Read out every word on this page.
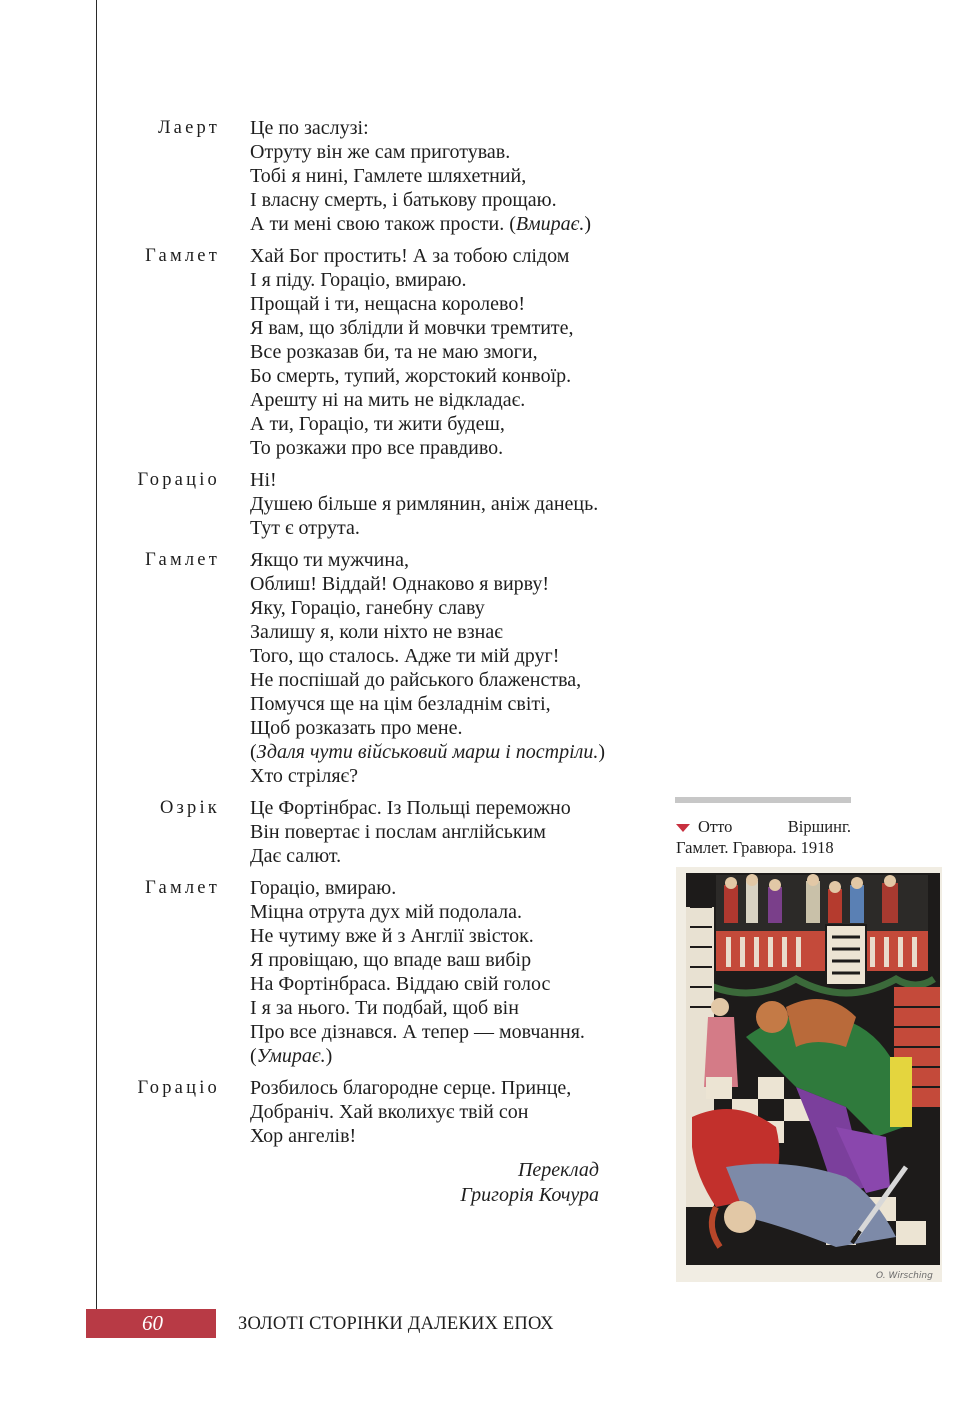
Лаерт Це по заслузі:
Отруту він же сам приготував.
Тобі я нині, Гамлете шляхетний,
І власну смерть, і батькову прощаю.
А ти мені свою також прости. (Вмирає.)
Гамлет Хай Бог простить! А за тобою слідом
І я піду. Гораціо, вмираю.
Прощай і ти, нещасна королево!
Я вам, що зблідли й мовчки тремтите,
Все розказав би, та не маю змоги,
Бо смерть, тупий, жорстокий конвоїр.
Арешту ні на мить не відкладає.
А ти, Гораціо, ти жити будеш,
То розкажи про все правдиво.
Гораціо Ні!
Душею більше я римлянин, аніж данець.
Тут є отрута.
Гамлет Якщо ти мужчина,
Облиш! Віддай! Однаково я вирву!
Яку, Гораціо, ганебну славу
Залишу я, коли ніхто не взнає
Того, що сталось. Адже ти мій друг!
Не поспішай до райського блаженства,
Помучся ще на цім безладнім світі,
Щоб розказать про мене.
(Здаля чути військовий марш і постріли.)
Хто стріляє?
Озрік Це Фортінбрас. Із Польщі переможно
Він повертає і послам англійським
Дає салют.
Гамлет Гораціо, вмираю.
Міцна отрута дух мій подолала.
Не чутиму вже й з Англії звісток.
Я провіщаю, що впаде ваш вибір
На Фортінбраса. Віддаю свій голос
І я за нього. Ти подбай, щоб він
Про все дізнався. А тепер — мовчання.
(Умирає.)
Гораціо Розбилось благородне серце. Принце,
Добраніч. Хай вколихує твій сон
Хор ангелів!
Переклад
Григорія Кочура
Отто	Віршинг.
Гамлет. Гравюра. 1918
O. Wirsching
60	ЗОЛОТІ СТОРІНКИ ДАЛЕКИХ ЕПОХ
